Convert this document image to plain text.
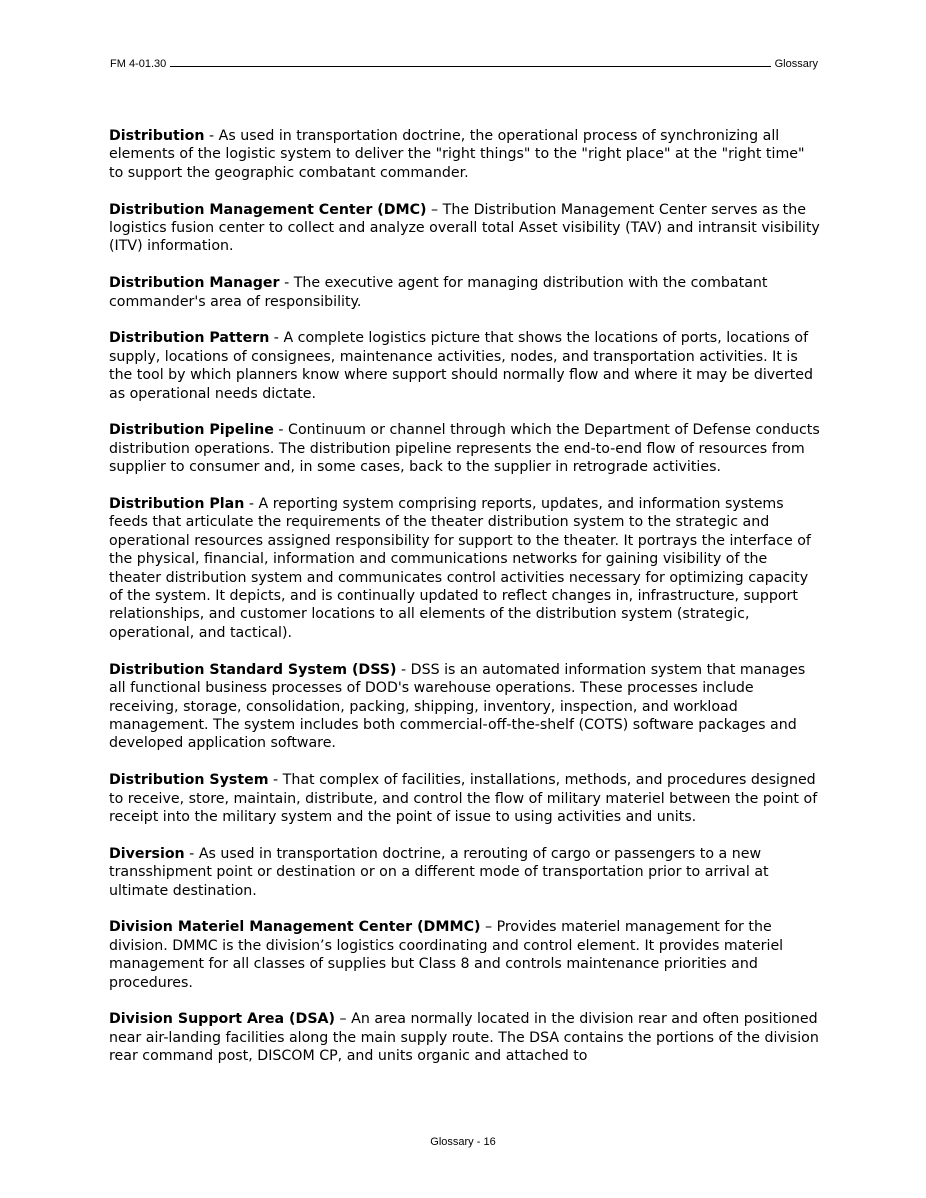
FM 4-01.30	Glossary

Distribution - As used in transportation doctrine, the operational process of synchronizing all elements of the logistic system to deliver the "right things" to the "right place" at the "right time" to support the geographic combatant commander.

Distribution Management Center (DMC) – The Distribution Management Center serves as the logistics fusion center to collect and analyze overall total Asset visibility (TAV) and intransit visibility (ITV) information.

Distribution Manager - The executive agent for managing distribution with the combatant commander's area of responsibility.

Distribution Pattern - A complete logistics picture that shows the locations of ports, locations of supply, locations of consignees, maintenance activities, nodes, and transportation activities. It is the tool by which planners know where support should normally flow and where it may be diverted as operational needs dictate.

Distribution Pipeline - Continuum or channel through which the Department of Defense conducts distribution operations. The distribution pipeline represents the end-to-end flow of resources from supplier to consumer and, in some cases, back to the supplier in retrograde activities.

Distribution Plan - A reporting system comprising reports, updates, and information systems feeds that articulate the requirements of the theater distribution system to the strategic and operational resources assigned responsibility for support to the theater. It portrays the interface of the physical, financial, information and communications networks for gaining visibility of the theater distribution system and communicates control activities necessary for optimizing capacity of the system. It depicts, and is continually updated to reflect changes in, infrastructure, support relationships, and customer locations to all elements of the distribution system (strategic, operational, and tactical).

Distribution Standard System (DSS) - DSS is an automated information system that manages all functional business processes of DOD's warehouse operations. These processes include receiving, storage, consolidation, packing, shipping, inventory, inspection, and workload management. The system includes both commercial-off-the-shelf (COTS) software packages and developed application software.

Distribution System - That complex of facilities, installations, methods, and procedures designed to receive, store, maintain, distribute, and control the flow of military materiel between the point of receipt into the military system and the point of issue to using activities and units.

Diversion - As used in transportation doctrine, a rerouting of cargo or passengers to a new transshipment point or destination or on a different mode of transportation prior to arrival at ultimate destination.

Division Materiel Management Center (DMMC) – Provides materiel management for the division. DMMC is the division’s logistics coordinating and control element. It provides materiel management for all classes of supplies but Class 8 and controls maintenance priorities and procedures.

Division Support Area (DSA) – An area normally located in the division rear and often positioned near air-landing facilities along the main supply route. The DSA contains the portions of the division rear command post, DISCOM CP, and units organic and attached to

Glossary - 16
